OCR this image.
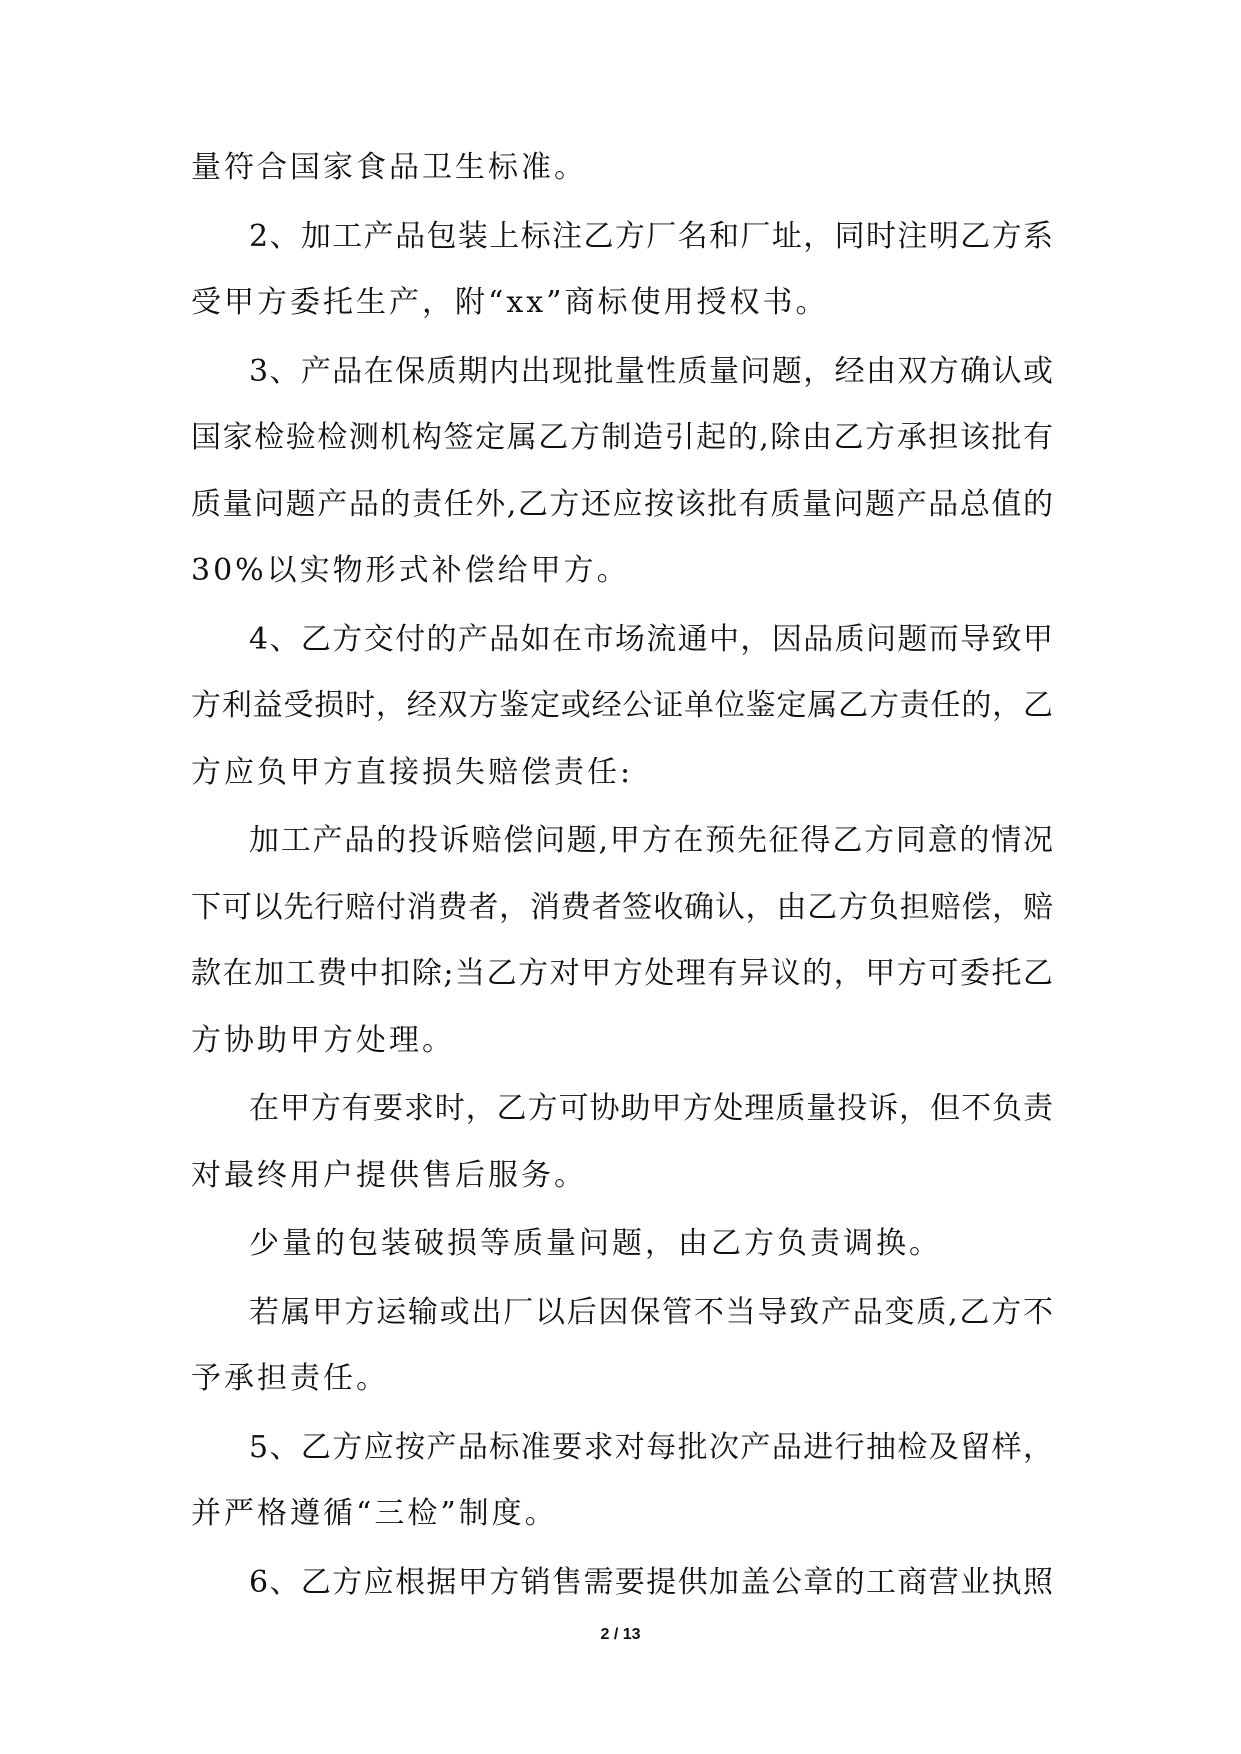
量符合国家食品卫生标准。
2、加工产品包装上标注乙方厂名和厂址，同时注明乙方系
受甲方委托生产，附“xx”商标使用授权书。
3、产品在保质期内出现批量性质量问题，经由双方确认或
国家检验检测机构签定属乙方制造引起的,除由乙方承担该批有
质量问题产品的责任外,乙方还应按该批有质量问题产品总值的
30%以实物形式补偿给甲方。
4、乙方交付的产品如在市场流通中，因品质问题而导致甲
方利益受损时，经双方鉴定或经公证单位鉴定属乙方责任的，乙
方应负甲方直接损失赔偿责任:
加工产品的投诉赔偿问题,甲方在预先征得乙方同意的情况
下可以先行赔付消费者，消费者签收确认，由乙方负担赔偿，赔
款在加工费中扣除;当乙方对甲方处理有异议的，甲方可委托乙
方协助甲方处理。
在甲方有要求时，乙方可协助甲方处理质量投诉，但不负责
对最终用户提供售后服务。
少量的包装破损等质量问题，由乙方负责调换。
若属甲方运输或出厂以后因保管不当导致产品变质,乙方不
予承担责任。
5、乙方应按产品标准要求对每批次产品进行抽检及留样，
并严格遵循“三检”制度。
6、乙方应根据甲方销售需要提供加盖公章的工商营业执照
2 / 13
